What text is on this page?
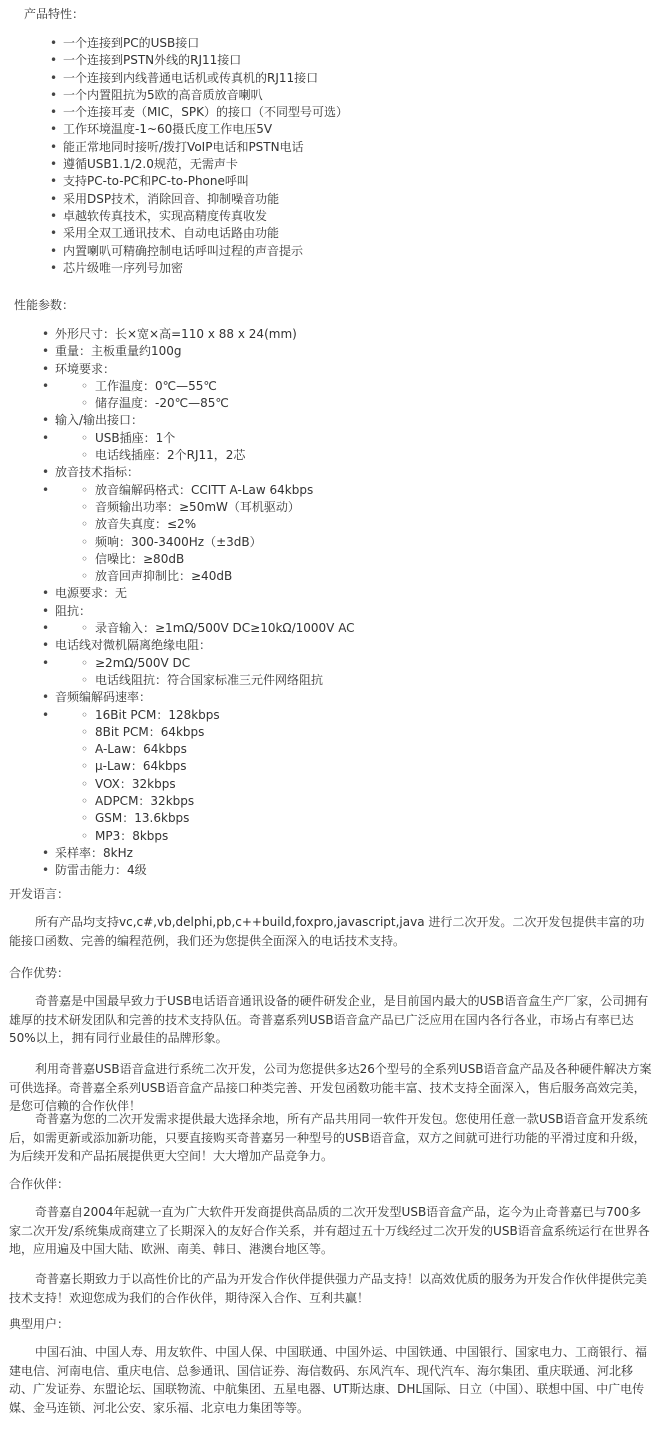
产品特性：
• 一个连接到PC的USB接口
• 一个连接到PSTN外线的RJ11接口
• 一个连接到内线普通电话机或传真机的RJ11接口
• 一个内置阻抗为5欧的高音质放音喇叭
• 一个连接耳麦（MIC，SPK）的接口（不同型号可选）
• 工作环境温度-1~60摄氏度工作电压5V
• 能正常地同时接听/拨打VoIP电话和PSTN电话
• 遵循USB1.1/2.0规范，无需声卡
• 支持PC-to-PC和PC-to-Phone呼叫
• 采用DSP技术，消除回音、抑制噪音功能
• 卓越软传真技术，实现高精度传真收发
• 采用全双工通讯技术、自动电话路由功能
• 内置喇叭可精确控制电话呼叫过程的声音提示
• 芯片级唯一序列号加密
性能参数：
• 外形尺寸：长×宽×高=110 x 88 x 24(mm)
• 重量：主板重量约100g
• 环境要求：
◦ • 工作温度：0℃—55℃
◦ 储存温度：-20℃—85℃
• 输入/输出接口：
◦ • USB插座：1个
◦ 电话线插座：2个RJ11，2芯
• 放音技术指标：
◦ • 放音编解码格式：CCITT A-Law 64kbps
◦ 音频输出功率：≥50mW（耳机驱动）
◦ 放音失真度：≤2%
◦ 频响：300-3400Hz（±3dB）
◦ 信噪比：≥80dB
◦ 放音回声抑制比：≥40dB
• 电源要求：无
• 阻抗：
◦ • 录音输入：≥1mΩ/500V DC≥10kΩ/1000V AC
• 电话线对微机隔离绝缘电阻：
◦ • ≥2mΩ/500V DC
◦ 电话线阻抗：符合国家标准三元件网络阻抗
• 音频编解码速率：
◦ • 16Bit PCM：128kbps
◦ 8Bit PCM：64kbps
◦ A-Law：64kbps
◦ μ-Law：64kbps
◦ VOX：32kbps
◦ ADPCM：32kbps
◦ GSM：13.6kbps
◦ MP3：8kbps
• 采样率：8kHz
• 防雷击能力：4级
开发语言：

所有产品均支持vc,c#,vb,delphi,pb,c++build,foxpro,javascript,java 进行二次开发。二次开发包提供丰富的功能接口函数、完善的编程范例，我们还为您提供全面深入的电话技术支持。

合作优势：

奇普嘉是中国最早致力于USB电话语音通讯设备的硬件研发企业，是目前国内最大的USB语音盒生产厂家，公司拥有雄厚的技术研发团队和完善的技术支持队伍。奇普嘉系列USB语音盒产品已广泛应用在国内各行各业，市场占有率已达50%以上，拥有同行业最佳的品牌形象。

利用奇普嘉USB语音盒进行系统二次开发，公司为您提供多达26个型号的全系列USB语音盒产品及各种硬件解决方案可供选择。奇普嘉全系列USB语音盒产品接口种类完善、开发包函数功能丰富、技术支持全面深入，售后服务高效完美，是您可信赖的合作伙伴！

奇普嘉为您的二次开发需求提供最大选择余地，所有产品共用同一软件开发包。您使用任意一款USB语音盒开发系统后，如需更新或添加新功能，只要直接购买奇普嘉另一种型号的USB语音盒，双方之间就可进行功能的平滑过度和升级，为后续开发和产品拓展提供更大空间！大大增加产品竞争力。

合作伙伴：

奇普嘉自2004年起就一直为广大软件开发商提供高品质的二次开发型USB语音盒产品，迄今为止奇普嘉已与700多家二次开发/系统集成商建立了长期深入的友好合作关系，并有超过五十万线经过二次开发的USB语音盒系统运行在世界各地，应用遍及中国大陆、欧洲、南美、韩日、港澳台地区等。

奇普嘉长期致力于以高性价比的产品为开发合作伙伴提供强力产品支持！以高效优质的服务为开发合作伙伴提供完美技术支持！欢迎您成为我们的合作伙伴，期待深入合作、互利共赢！

典型用户：

中国石油、中国人寿、用友软件、中国人保、中国联通、中国外运、中国铁通、中国银行、国家电力、工商银行、福建电信、河南电信、重庆电信、总参通讯、国信证券、海信数码、东风汽车、现代汽车、海尔集团、重庆联通、河北移动、广发证券、东盟论坛、国联物流、中航集团、五星电器、UT斯达康、DHL国际、日立（中国）、联想中国、中广电传媒、金马连锁、河北公安、家乐福、北京电力集团等等。
